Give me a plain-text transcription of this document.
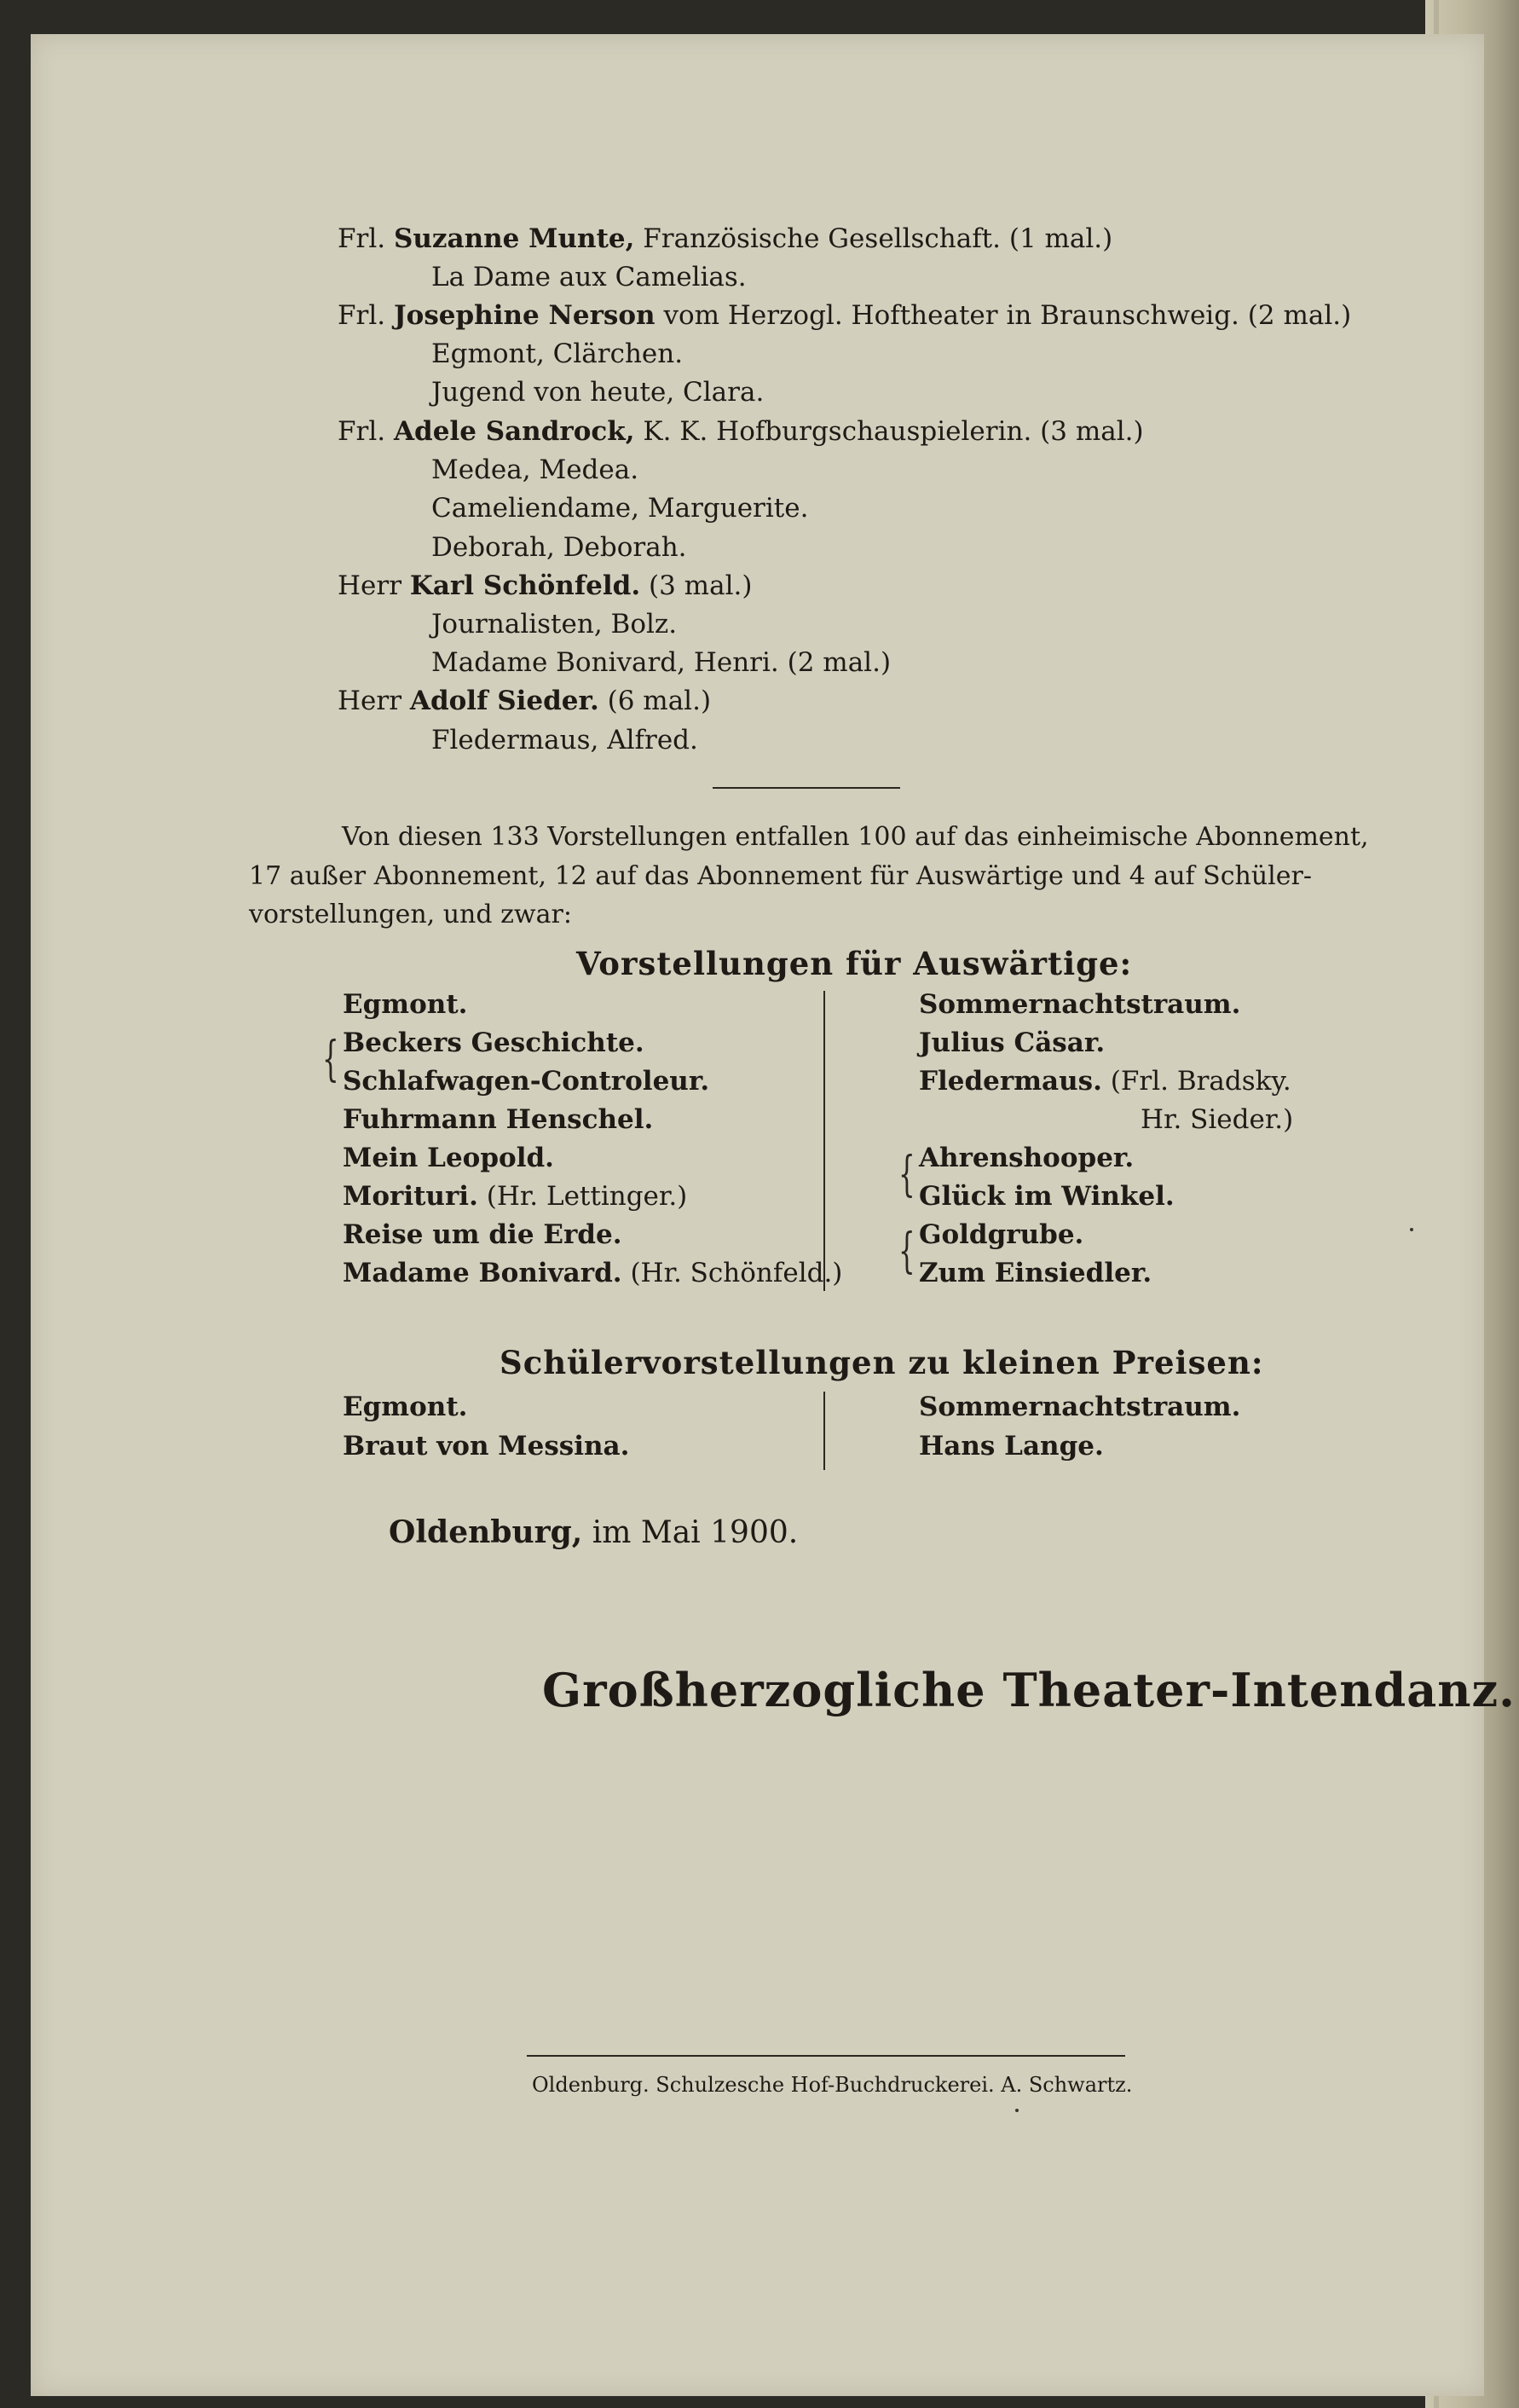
Frl. Suzanne Munte, Französische Gesellschaft. (1 mal.)
La Dame aux Camelias.
Frl. Josephine Nerson vom Herzogl. Hoftheater in Braunschweig. (2 mal.)
Egmont, Clärchen.
Jugend von heute, Clara.
Frl. Adele Sandrock, K. K. Hofburgschauspielerin. (3 mal.)
Medea, Medea.
Cameliendame, Marguerite.
Deborah, Deborah.
Herr Karl Schönfeld. (3 mal.)
Journalisten, Bolz.
Madame Bonivard, Henri. (2 mal.)
Herr Adolf Sieder. (6 mal.)
Fledermaus, Alfred.
Von diesen 133 Vorstellungen entfallen 100 auf das einheimische Abonnement,
17 außer Abonnement, 12 auf das Abonnement für Auswärtige und 4 auf Schüler-
vorstellungen, und zwar:
Vorstellungen für Auswärtige:
Egmont.
Beckers Geschichte.
Schlafwagen-Controleur.
Fuhrmann Henschel.
Mein Leopold.
Morituri. (Hr. Lettinger.)
Reise um die Erde.
Madame Bonivard. (Hr. Schönfeld.)
{
Sommernachtstraum.
Julius Cäsar.
Fledermaus. (Frl. Bradsky.
Hr. Sieder.)
Ahrenshooper.
Glück im Winkel.
Goldgrube.
Zum Einsiedler.
{
{
Schülervorstellungen zu kleinen Preisen:
Egmont.
Braut von Messina.
Sommernachtstraum.
Hans Lange.
Oldenburg, im Mai 1900.
Großherzogliche Theater-Intendanz.
Oldenburg. Schulzesche Hof-Buchdruckerei. A. Schwartz.
